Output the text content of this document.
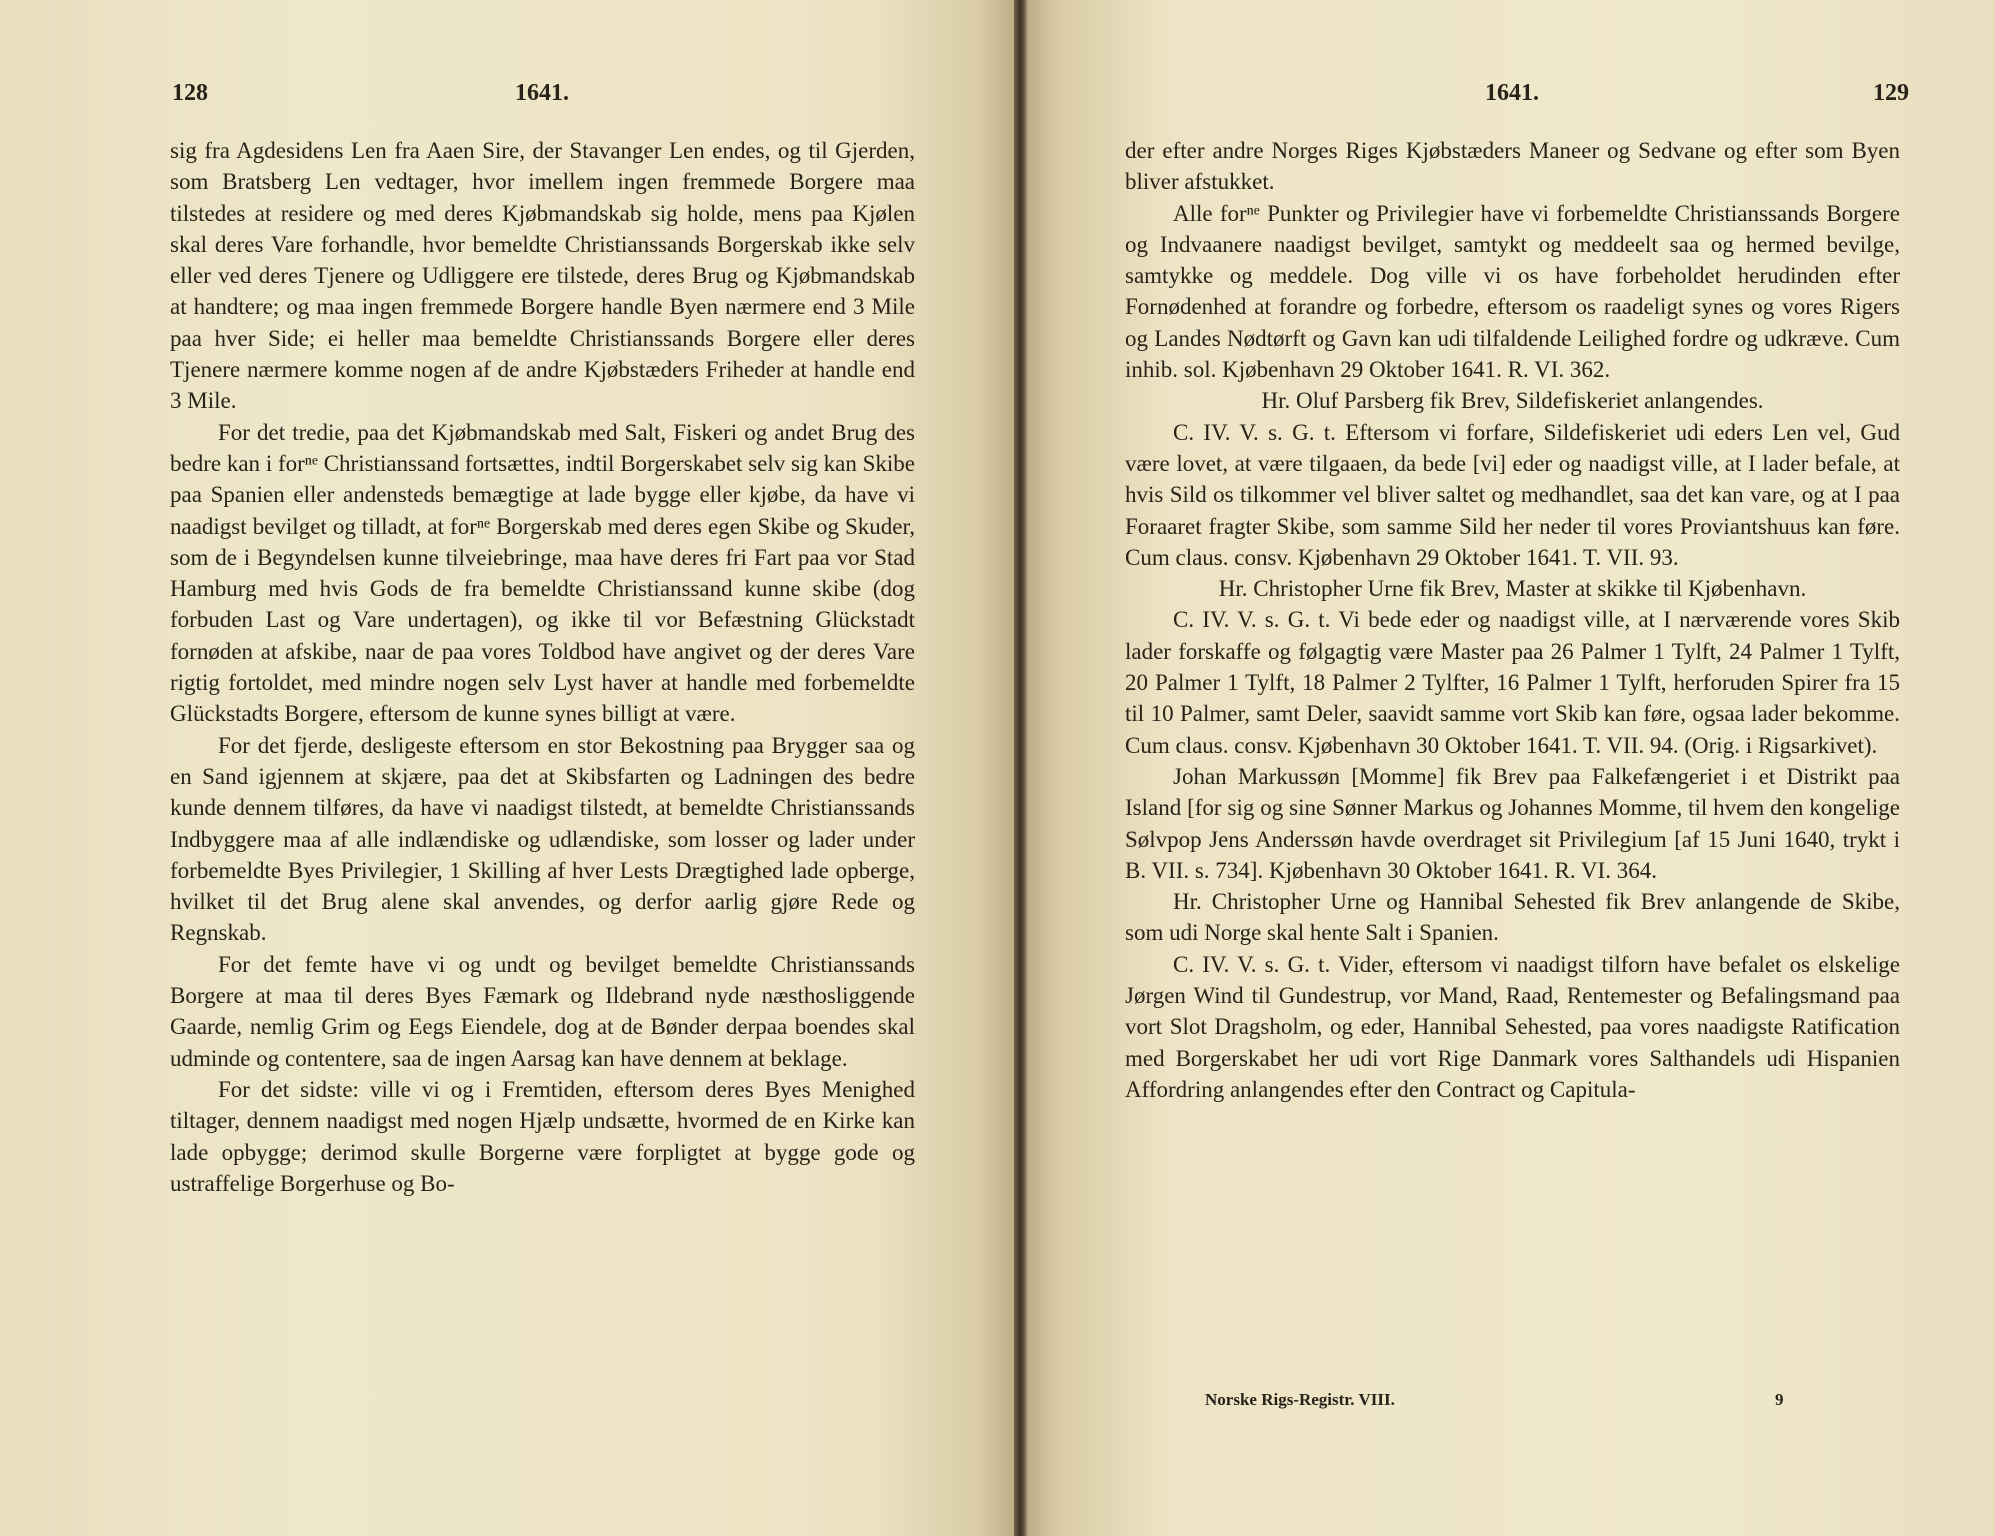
128	1641.

sig fra Agdesidens Len fra Aaen Sire, der Stavanger Len endes, og til Gjerden, som Bratsberg Len vedtager, hvor imellem ingen fremmede Borgere maa tilstedes at residere og med deres Kjøbmandskab sig holde, mens paa Kjølen skal deres Vare forhandle, hvor bemeldte Christianssands Borgerskab ikke selv eller ved deres Tjenere og Udliggere ere tilstede, deres Brug og Kjøbmandskab at handtere; og maa ingen fremmede Borgere handle Byen nærmere end 3 Mile paa hver Side; ei heller maa bemeldte Christianssands Borgere eller deres Tjenere nærmere komme nogen af de andre Kjøbstæders Friheder at handle end 3 Mile.

For det tredie, paa det Kjøbmandskab med Salt, Fiskeri og andet Brug des bedre kan i forⁿᵉ Christianssand fortsættes, indtil Borgerskabet selv sig kan Skibe paa Spanien eller andensteds bemægtige at lade bygge eller kjøbe, da have vi naadigst bevilget og tilladt, at forⁿᵉ Borgerskab med deres egen Skibe og Skuder, som de i Begyndelsen kunne tilveiebringe, maa have deres fri Fart paa vor Stad Hamburg med hvis Gods de fra bemeldte Christianssand kunne skibe (dog forbuden Last og Vare undertagen), og ikke til vor Befæstning Glückstadt fornøden at afskibe, naar de paa vores Toldbod have angivet og der deres Vare rigtig fortoldet, med mindre nogen selv Lyst haver at handle med forbemeldte Glückstadts Borgere, eftersom de kunne synes billigt at være.

For det fjerde, desligeste eftersom en stor Bekostning paa Brygger saa og en Sand igjennem at skjære, paa det at Skibsfarten og Ladningen des bedre kunde dennem tilføres, da have vi naadigst tilstedt, at bemeldte Christianssands Indbyggere maa af alle indlændiske og udlændiske, som losser og lader under forbemeldte Byes Privilegier, 1 Skilling af hver Lests Drægtighed lade opberge, hvilket til det Brug alene skal anvendes, og derfor aarlig gjøre Rede og Regnskab.

For det femte have vi og undt og bevilget bemeldte Christianssands Borgere at maa til deres Byes Fæmark og Ildebrand nyde næsthosliggende Gaarde, nemlig Grim og Eegs Eiendele, dog at de Bønder derpaa boendes skal udminde og contentere, saa de ingen Aarsag kan have dennem at beklage.

For det sidste: ville vi og i Fremtiden, eftersom deres Byes Menighed tiltager, dennem naadigst med nogen Hjælp undsætte, hvormed de en Kirke kan lade opbygge; derimod skulle Borgerne være forpligtet at bygge gode og ustraffelige Borgerhuse og Bo-

1641.	129

der efter andre Norges Riges Kjøbstæders Maneer og Sedvane og efter som Byen bliver afstukket.

Alle forⁿᵉ Punkter og Privilegier have vi forbemeldte Christianssands Borgere og Indvaanere naadigst bevilget, samtykt og meddeelt saa og hermed bevilge, samtykke og meddele. Dog ville vi os have forbeholdet herudinden efter Fornødenhed at forandre og forbedre, eftersom os raadeligt synes og vores Rigers og Landes Nødtørft og Gavn kan udi tilfaldende Leilighed fordre og udkræve. Cum inhib. sol. Kjøbenhavn 29 Oktober 1641. R. VI. 362.

Hr. Oluf Parsberg fik Brev, Sildefiskeriet anlangendes.

C. IV. V. s. G. t. Eftersom vi forfare, Sildefiskeriet udi eders Len vel, Gud være lovet, at være tilgaaen, da bede [vi] eder og naadigst ville, at I lader befale, at hvis Sild os tilkommer vel bliver saltet og medhandlet, saa det kan vare, og at I paa Foraaret fragter Skibe, som samme Sild her neder til vores Proviantshuus kan føre. Cum claus. consv. Kjøbenhavn 29 Oktober 1641. T. VII. 93.

Hr. Christopher Urne fik Brev, Master at skikke til Kjøbenhavn.

C. IV. V. s. G. t. Vi bede eder og naadigst ville, at I nærværende vores Skib lader forskaffe og følgagtig være Master paa 26 Palmer 1 Tylft, 24 Palmer 1 Tylft, 20 Palmer 1 Tylft, 18 Palmer 2 Tylfter, 16 Palmer 1 Tylft, herforuden Spirer fra 15 til 10 Palmer, samt Deler, saavidt samme vort Skib kan føre, ogsaa lader bekomme. Cum claus. consv. Kjøbenhavn 30 Oktober 1641. T. VII. 94. (Orig. i Rigsarkivet).

Johan Markussøn [Momme] fik Brev paa Falkefængeriet i et Distrikt paa Island [for sig og sine Sønner Markus og Johannes Momme, til hvem den kongelige Sølvpop Jens Anderssøn havde overdraget sit Privilegium [af 15 Juni 1640, trykt i B. VII. s. 734]. Kjøbenhavn 30 Oktober 1641. R. VI. 364.

Hr. Christopher Urne og Hannibal Sehested fik Brev anlangende de Skibe, som udi Norge skal hente Salt i Spanien.

C. IV. V. s. G. t. Vider, eftersom vi naadigst tilforn have befalet os elskelige Jørgen Wind til Gundestrup, vor Mand, Raad, Rentemester og Befalingsmand paa vort Slot Dragsholm, og eder, Hannibal Sehested, paa vores naadigste Ratification med Borgerskabet her udi vort Rige Danmark vores Salthandels udi Hispanien Affordring anlangendes efter den Contract og Capitula-

Norske Rigs-Registr. VIII.	9
